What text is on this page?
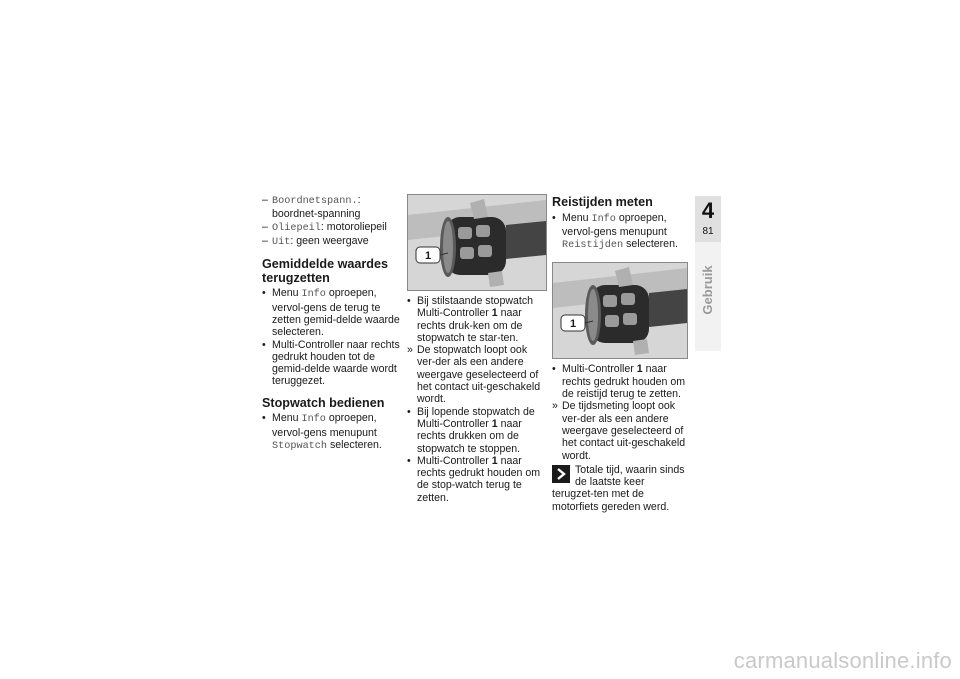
– Boordnetspann.: boordnet-spanning

– Oliepeil: motoroliepeil

– Uit: geen weergave

Gemiddelde waardes terugzetten

• Menu Info oproepen, vervol-gens de terug te zetten gemid-delde waarde selecteren.

• Multi-Controller naar rechts gedrukt houden tot de gemid-delde waarde wordt teruggezet.

Stopwatch bedienen

• Menu Info oproepen, vervol-gens menupunt Stopwatch selecteren.

1

• Bij stilstaande stopwatch Multi-Controller 1 naar rechts druk-ken om de stopwatch te star-ten.

» De stopwatch loopt ook ver-der als een andere weergave geselecteerd of het contact uit-geschakeld wordt.

• Bij lopende stopwatch de Multi-Controller 1 naar rechts drukken om de stopwatch te stoppen.

• Multi-Controller 1 naar rechts gedrukt houden om de stop-watch terug te zetten.

Reistijden meten

• Menu Info oproepen, vervol-gens menupunt Reistijden selecteren.

1

• Multi-Controller 1 naar rechts gedrukt houden om de reistijd terug te zetten.

» De tijdsmeting loopt ook ver-der als een andere weergave geselecteerd of het contact uit-geschakeld wordt.

Totale tijd, waarin sinds de laatste keer terugzet-ten met de motorfiets gereden werd.
4
81
Gebruik
carmanualsonline.info
